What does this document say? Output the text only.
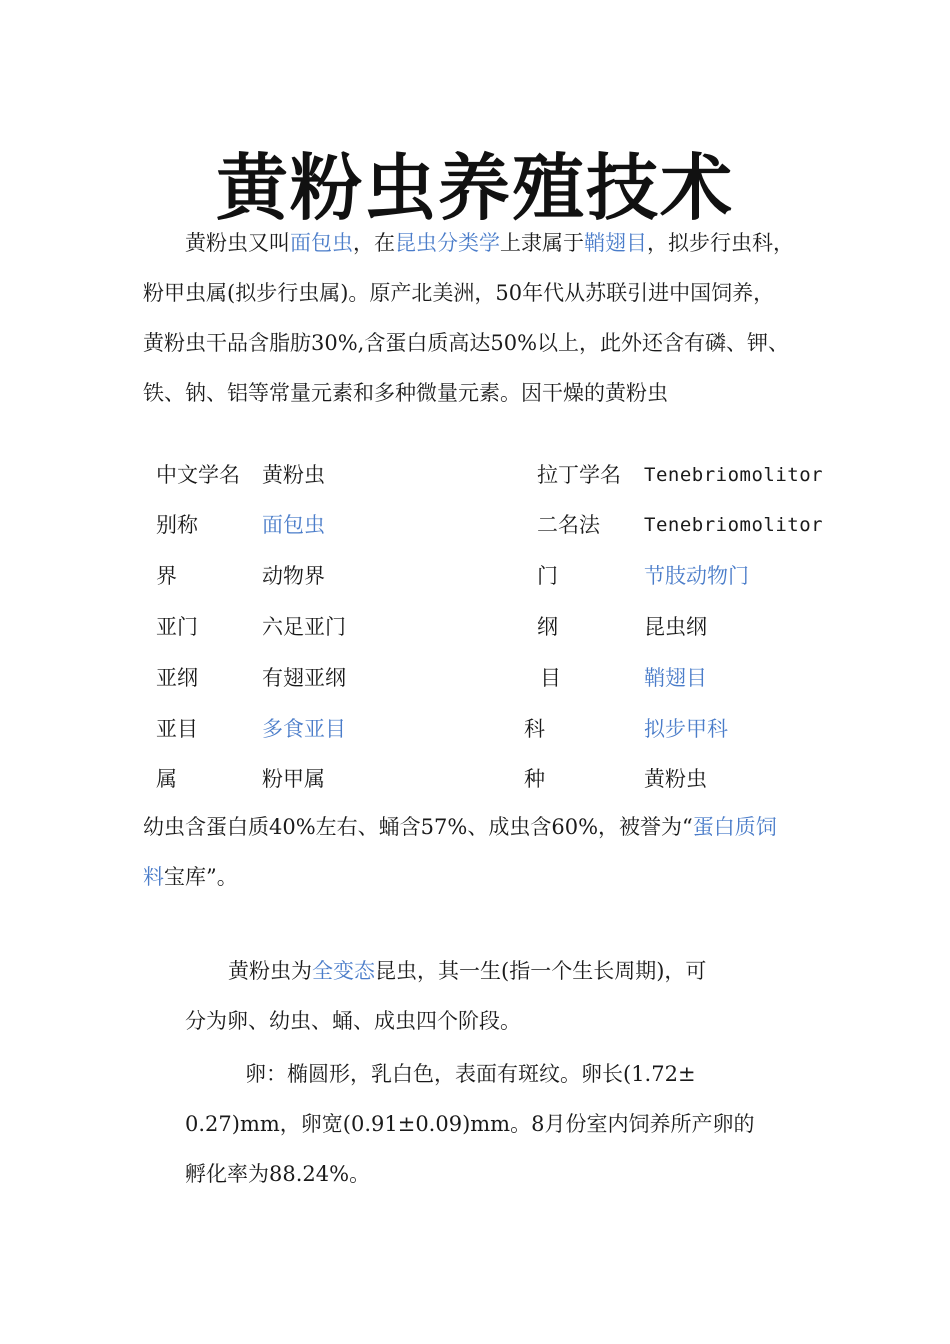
黄粉虫养殖技术
黄粉虫又叫面包虫，在昆虫分类学上隶属于鞘翅目，拟步行虫科，
粉甲虫属(拟步行虫属)。原产北美洲，50年代从苏联引进中国饲养，
黄粉虫干品含脂肪30%,含蛋白质高达50%以上，此外还含有磷、钾、
铁、钠、铝等常量元素和多种微量元素。因干燥的黄粉虫
中文学名 黄粉虫	拉丁学名 Tenebriomolitor
别称	面包虫	二名法 Tenebriomolitor
界	动物界	门	节肢动物门
亚门	六足亚门	纲	昆虫纲
亚纲	有翅亚纲	目	鞘翅目
亚目	多食亚目	科	拟步甲科
属	粉甲属	种	黄粉虫
幼虫含蛋白质40%左右、蛹含57%、成虫含60%，被誉为“蛋白质饲
料宝库”。
黄粉虫为全变态昆虫，其一生(指一个生长周期)，可
分为卵、幼虫、蛹、成虫四个阶段。
卵：椭圆形，乳白色，表面有斑纹。卵长(1.72±
0.27)mm，卵宽(0.91±0.09)mm。8月份室内饲养所产卵的
孵化率为88.24%。
